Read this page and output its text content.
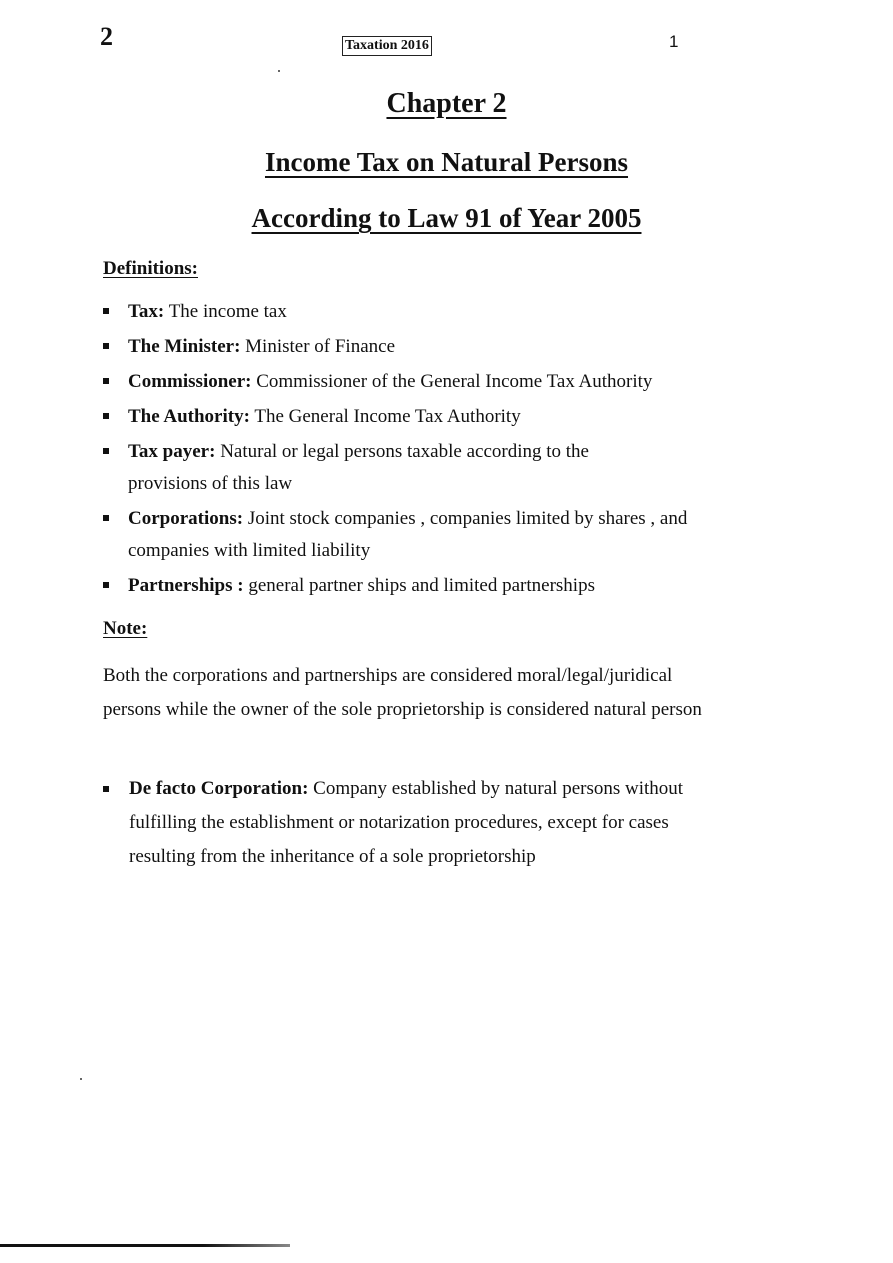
2	Taxation 2016	1
Chapter 2
Income Tax on Natural Persons
According to Law 91 of Year 2005
Definitions:
Tax: The income tax
The Minister: Minister of Finance
Commissioner: Commissioner of the General Income Tax Authority
The Authority: The General Income Tax Authority
Tax payer: Natural or legal persons taxable according to the provisions of this law
Corporations: Joint stock companies , companies limited by shares , and companies with limited liability
Partnerships : general partner ships and limited partnerships
Note:
Both the corporations and partnerships are considered moral/legal/juridical persons while the owner of the sole proprietorship is considered natural person
De facto Corporation: Company established by natural persons without fulfilling the establishment or notarization procedures, except for cases resulting from the inheritance of a sole proprietorship
